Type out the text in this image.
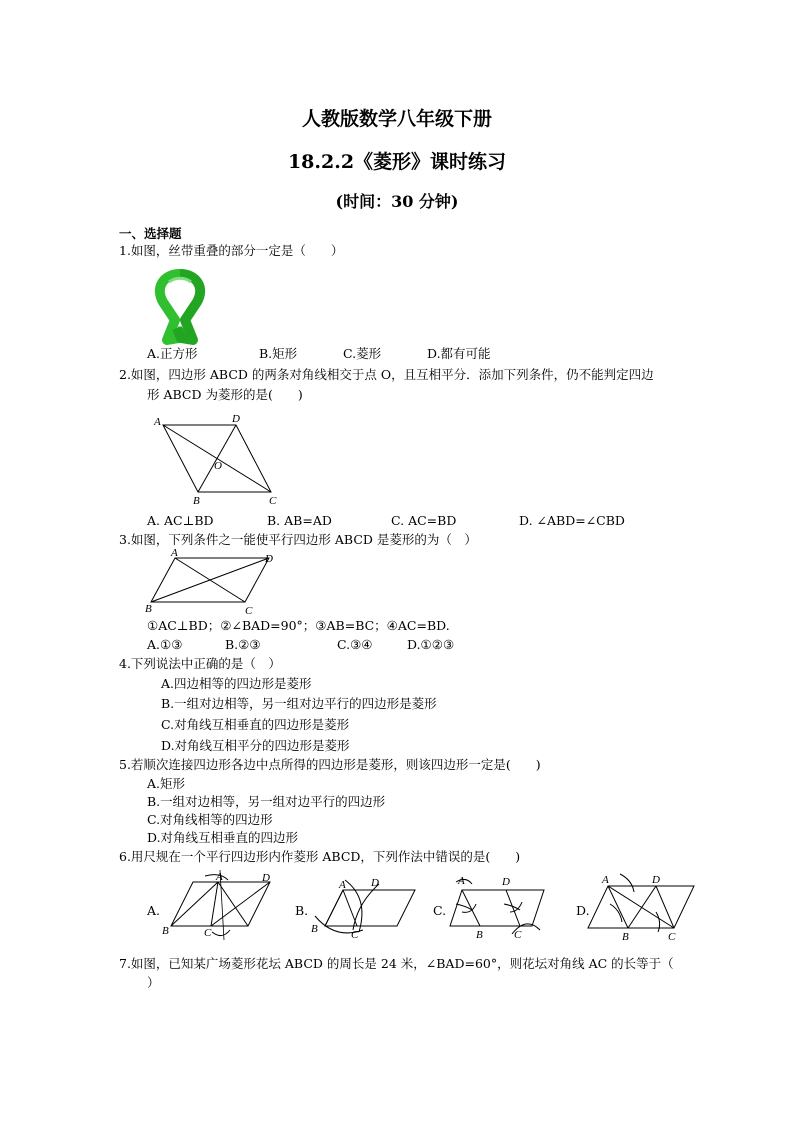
人教版数学八年级下册
18.2.2《菱形》课时练习
(时间：30 分钟)
一、选择题
1.如图，丝带重叠的部分一定是（　　）
A.正方形	B.矩形	C.菱形	D.都有可能
2.如图，四边形 ABCD 的两条对角线相交于点 O，且互相平分．添加下列条件，仍不能判定四边
形 ABCD 为菱形的是(　　)
A	D
O
B	C
A. AC⊥BD	B. AB=AD	C. AC=BD	D. ∠ABD=∠CBD
3.如图，下列条件之一能使平行四边形 ABCD 是菱形的为（　）
A	D
B	C
①AC⊥BD；②∠BAD=90°；③AB=BC；④AC=BD.
A.①③	B.②③	C.③④	D.①②③
4.下列说法中正确的是（　）
A.四边相等的四边形是菱形
B.一组对边相等，另一组对边平行的四边形是菱形
C.对角线互相垂直的四边形是菱形
D.对角线互相平分的四边形是菱形
5.若顺次连接四边形各边中点所得的四边形是菱形，则该四边形一定是(　　)
A.矩形
B.一组对边相等，另一组对边平行的四边形
C.对角线相等的四边形
D.对角线互相垂直的四边形
6.用尺规在一个平行四边形内作菱形 ABCD，下列作法中错误的是(　　)
A.
A	D
B	C
B.
A D
B	C
C.
A	D
B	C
D.
A	D
B	C
7.如图，已知某广场菱形花坛 ABCD 的周长是 24 米，∠BAD=60°，则花坛对角线 AC 的长等于（
）
